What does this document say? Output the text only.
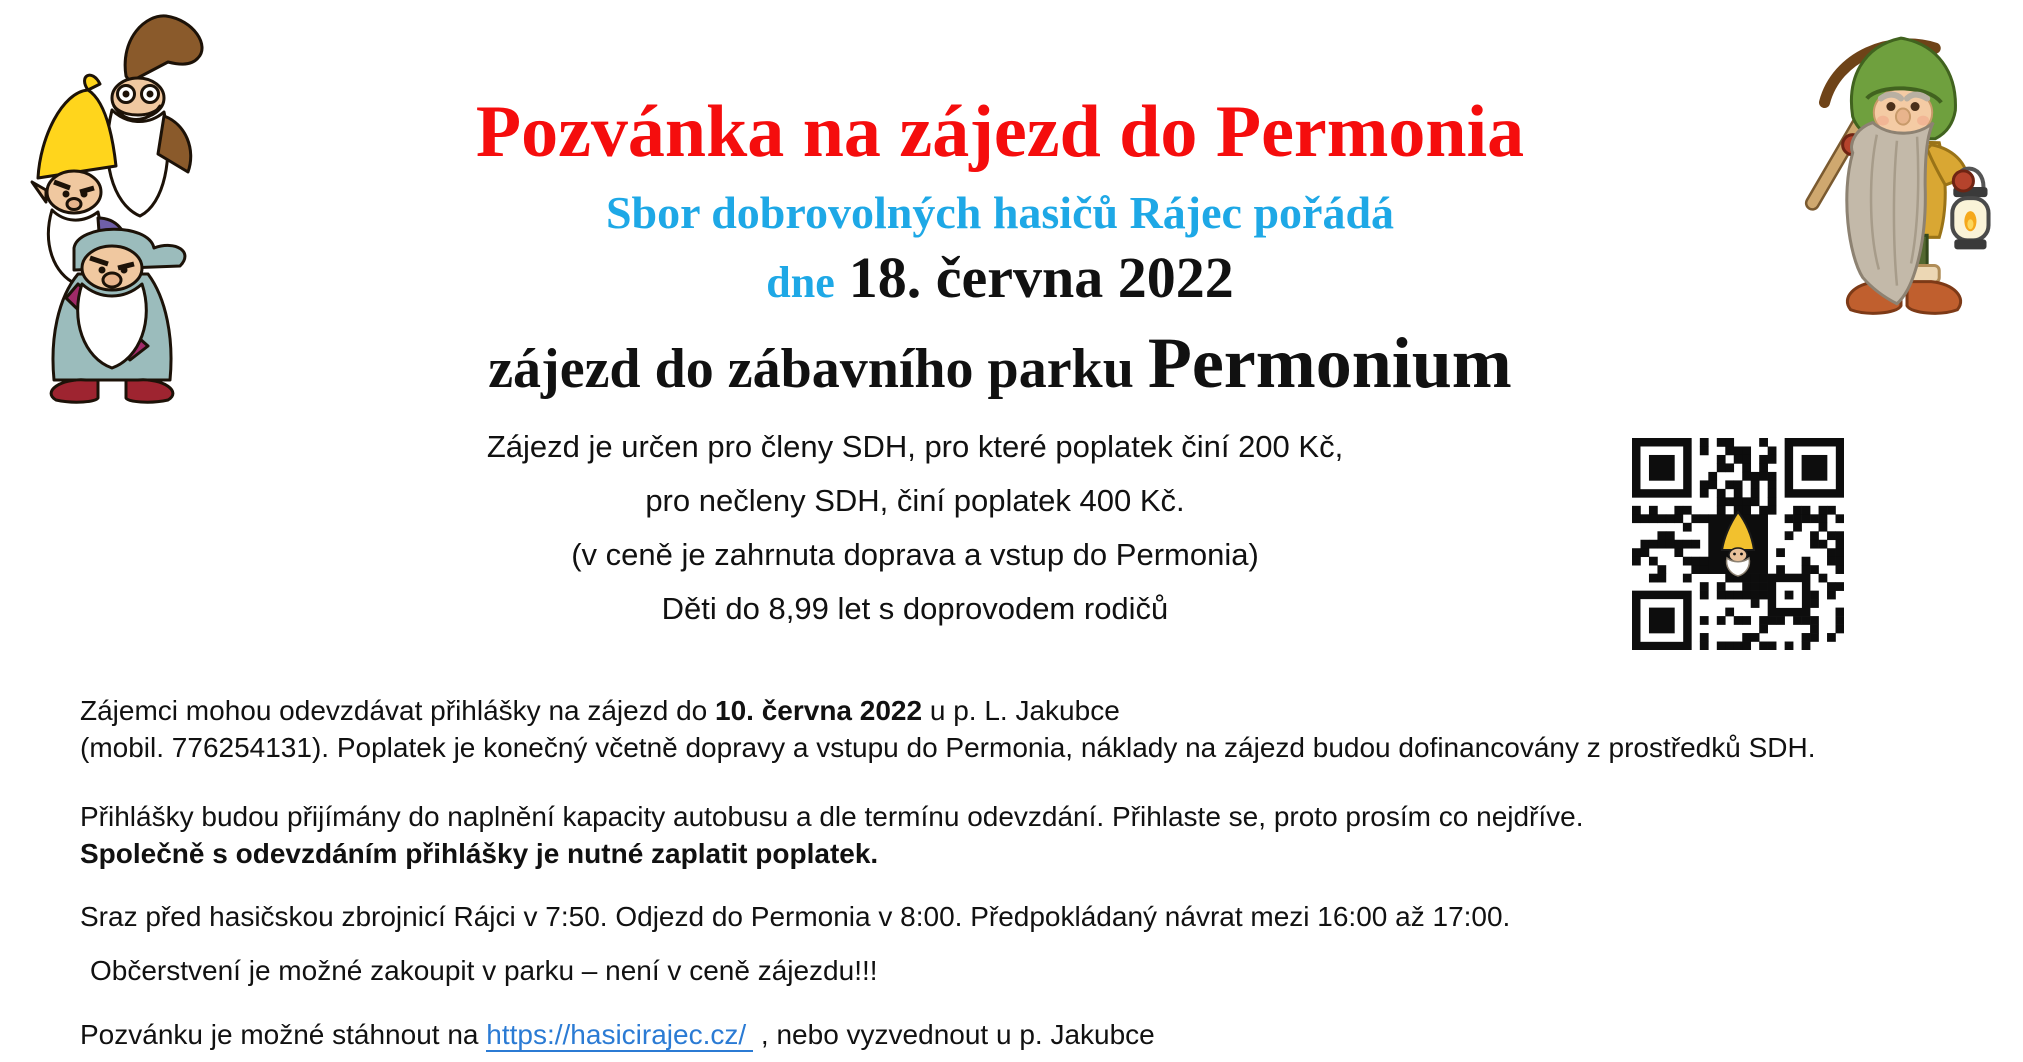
Pozvánka na zájezd do Permonia
Sbor dobrovolných hasičů Rájec pořádá
dne 18. června 2022
zájezd do zábavního parku Permonium
Zájezd je určen pro členy SDH, pro které poplatek činí 200 Kč,
pro nečleny SDH, činí poplatek 400 Kč.
(v ceně je zahrnuta doprava a vstup do Permonia)
Děti do 8,99 let s doprovodem rodičů

Zájemci mohou odevzdávat přihlášky na zájezd do 10. června 2022 u p. L. Jakubce
(mobil. 776254131). Poplatek je konečný včetně dopravy a vstupu do Permonia, náklady na zájezd budou dofinancovány z prostředků SDH.

Přihlášky budou přijímány do naplnění kapacity autobusu a dle termínu odevzdání. Přihlaste se, proto prosím co nejdříve.
Společně s odevzdáním přihlášky je nutné zaplatit poplatek.

Sraz před hasičskou zbrojnicí Rájci v 7:50. Odjezd do Permonia v 8:00. Předpokládaný návrat mezi 16:00 až 17:00.

Občerstvení je možné zakoupit v parku – není v ceně zájezdu!!!

Pozvánku je možné stáhnout na https://hasicirajec.cz/ , nebo vyzvednout u p. Jakubce
